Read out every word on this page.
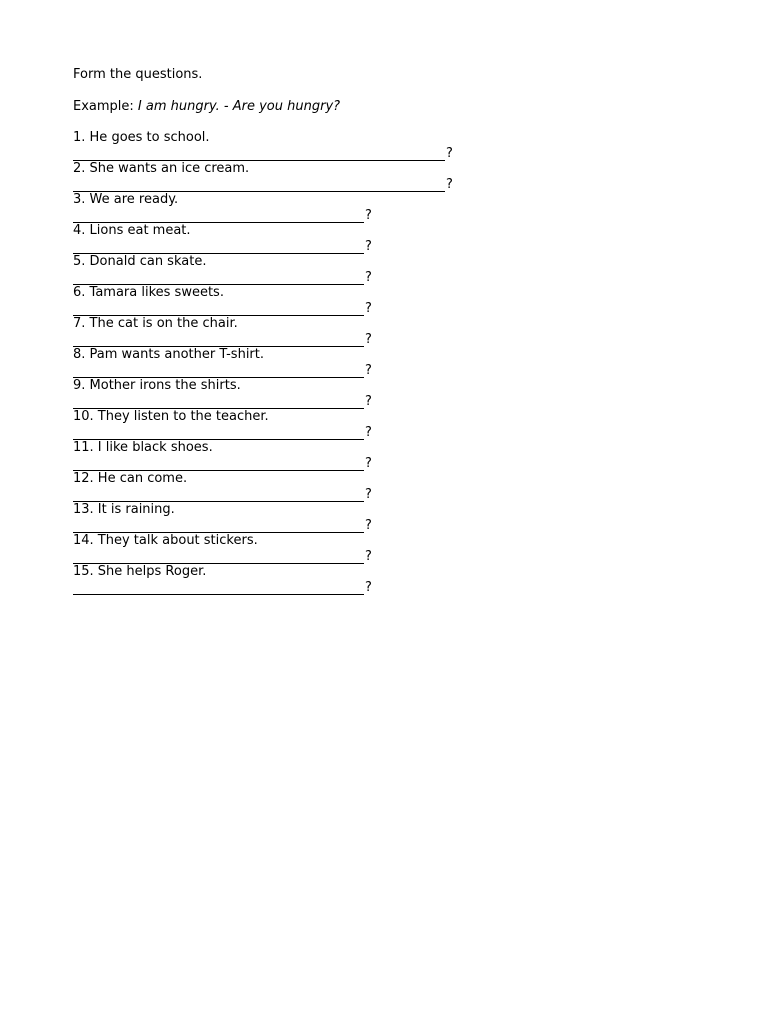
Form the questions.
Example: I am hungry. - Are you hungry?
1. He goes to school.
?
2. She wants an ice cream.
?
3. We are ready.
?
4. Lions eat meat.
?
5. Donald can skate.
?
6. Tamara likes sweets.
?
7. The cat is on the chair.
?
8. Pam wants another T-shirt.
?
9. Mother irons the shirts.
?
10. They listen to the teacher.
?
11. I like black shoes.
?
12. He can come.
?
13. It is raining.
?
14. They talk about stickers.
?
15. She helps Roger.
?
